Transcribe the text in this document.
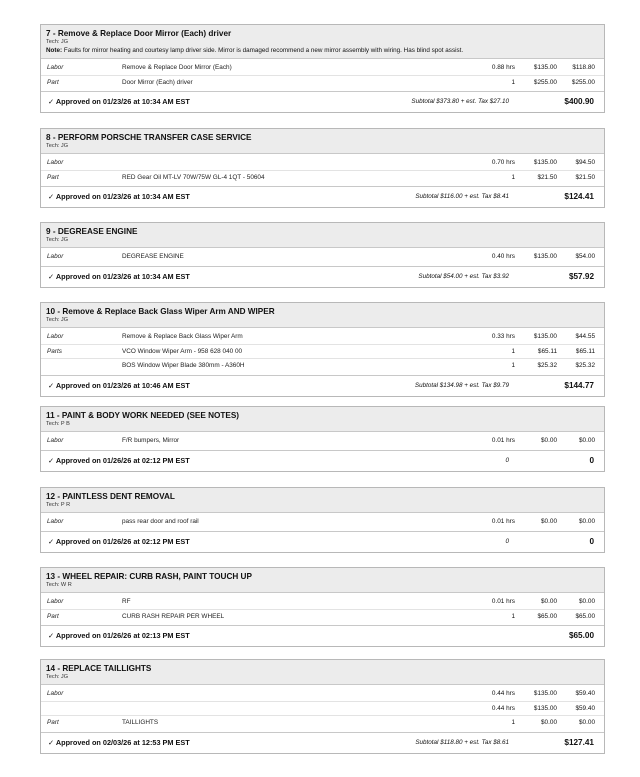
7 - Remove & Replace Door Mirror (Each) driver
Tech: JG
Note: Faults for mirror heating and courtesy lamp driver side. Mirror is damaged recommend a new mirror assembly with wiring. Has blind spot assist.
Labor	Remove & Replace Door Mirror (Each)	0.88 hrs	$135.00 $118.80
Part	Door Mirror (Each) driver	1	$255.00 $255.00
✓ Approved on 01/23/26 at 10:34 AM EST	Subtotal $373.80 + est. Tax $27.10	$400.90
8 - PERFORM PORSCHE TRANSFER CASE SERVICE
Tech: JG
Labor	0.70 hrs	$135.00	$94.50
Part	RED Gear Oil MT-LV 70W/75W GL-4 1QT - 50604	1	$21.50	$21.50
✓ Approved on 01/23/26 at 10:34 AM EST	Subtotal $116.00 + est. Tax $8.41	$124.41
9 - DEGREASE ENGINE
Tech: JG
Labor	DEGREASE ENGINE	0.40 hrs	$135.00	$54.00
✓ Approved on 01/23/26 at 10:34 AM EST	Subtotal $54.00 + est. Tax $3.92	$57.92
10 - Remove & Replace Back Glass Wiper Arm AND WIPER
Tech: JG
Labor	Remove & Replace Back Glass Wiper Arm	0.33 hrs	$135.00	$44.55
Parts	VCO Window Wiper Arm - 958 628 040 00	1	$65.11	$65.11
BOS Window Wiper Blade 380mm - A360H	1	$25.32	$25.32
✓ Approved on 01/23/26 at 10:46 AM EST	Subtotal $134.98 + est. Tax $9.79	$144.77
11 - PAINT & BODY WORK NEEDED (SEE NOTES)
Tech: P B
Labor	F/R bumpers, Mirror	0.01 hrs	$0.00	$0.00
✓ Approved on 01/26/26 at 02:12 PM EST	0	0
12 - PAINTLESS DENT REMOVAL
Tech: P R
Labor	pass rear door and roof rail	0.01 hrs	$0.00	$0.00
✓ Approved on 01/26/26 at 02:12 PM EST	0	0
13 - WHEEL REPAIR: CURB RASH, PAINT TOUCH UP
Tech: W R
Labor	RF	0.01 hrs	$0.00	$0.00
Part	CURB RASH REPAIR PER WHEEL	1	$65.00	$65.00
✓ Approved on 01/26/26 at 02:13 PM EST	$65.00
14 - REPLACE TAILLIGHTS
Tech: JG
Labor	0.44 hrs	$135.00	$59.40
0.44 hrs	$135.00	$59.40
Part	TAILLIGHTS	1	$0.00	$0.00
✓ Approved on 02/03/26 at 12:53 PM EST	Subtotal $118.80 + est. Tax $8.61	$127.41
